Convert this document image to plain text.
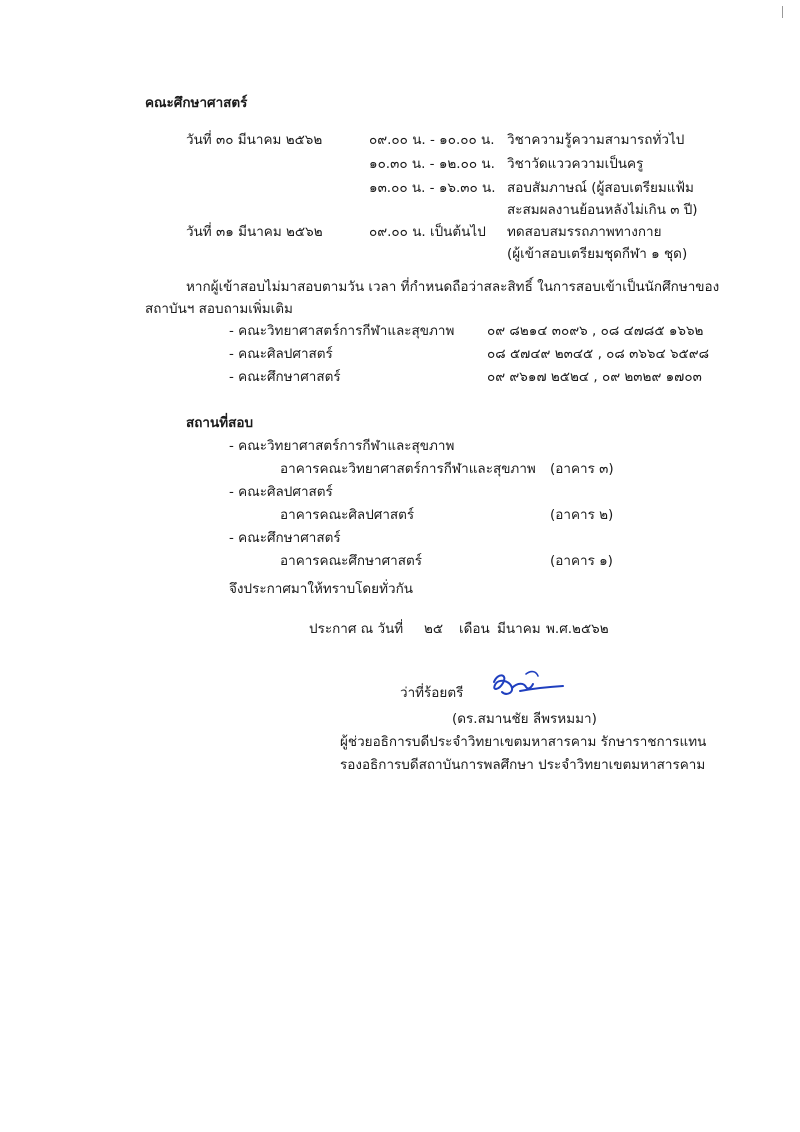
คณะศึกษาศาสตร์
วันที่ ๓๐ มีนาคม ๒๕๖๒	๐๙.๐๐ น. - ๑๐.๐๐ น. วิชาความรู้ความสามารถทั่วไป
๑๐.๓๐ น. - ๑๒.๐๐ น. วิชาวัดแววความเป็นครู
๑๓.๐๐ น. - ๑๖.๓๐ น. สอบสัมภาษณ์ (ผู้สอบเตรียมแฟ้ม
สะสมผลงานย้อนหลังไม่เกิน ๓ ปี)
วันที่ ๓๑ มีนาคม ๒๕๖๒	๐๙.๐๐ น. เป็นต้นไป ทดสอบสมรรถภาพทางกาย
(ผู้เข้าสอบเตรียมชุดกีฬา ๑ ชุด)
หากผู้เข้าสอบไม่มาสอบตามวัน เวลา ที่กำหนดถือว่าสละสิทธิ์ ในการสอบเข้าเป็นนักศึกษาของ
สถาบันฯ สอบถามเพิ่มเติม
- คณะวิทยาศาสตร์การกีฬาและสุขภาพ ๐๙ ๘๒๑๔ ๓๐๙๖ , ๐๘ ๔๗๘๕ ๑๖๖๒
- คณะศิลปศาสตร์	๐๘ ๕๗๔๙ ๒๓๔๕ , ๐๘ ๓๖๖๔ ๖๕๙๘
- คณะศึกษาศาสตร์	๐๙ ๙๖๑๗ ๒๕๒๔ , ๐๙ ๒๓๒๙ ๑๗๐๓
สถานที่สอบ
- คณะวิทยาศาสตร์การกีฬาและสุขภาพ
อาคารคณะวิทยาศาสตร์การกีฬาและสุขภาพ (อาคาร ๓)
- คณะศิลปศาสตร์
อาคารคณะศิลปศาสตร์	(อาคาร ๒)
- คณะศึกษาศาสตร์
อาคารคณะศึกษาศาสตร์	(อาคาร ๑)
จึงประกาศมาให้ทราบโดยทั่วกัน
ประกาศ ณ วันที่ ๒๕ เดือน มีนาคม พ.ศ.๒๕๖๒
ว่าที่ร้อยตรี
(ดร.สมานชัย ลีพรหมมา)
ผู้ช่วยอธิการบดีประจำวิทยาเขตมหาสารคาม รักษาราชการแทน
รองอธิการบดีสถาบันการพลศึกษา ประจำวิทยาเขตมหาสารคาม
